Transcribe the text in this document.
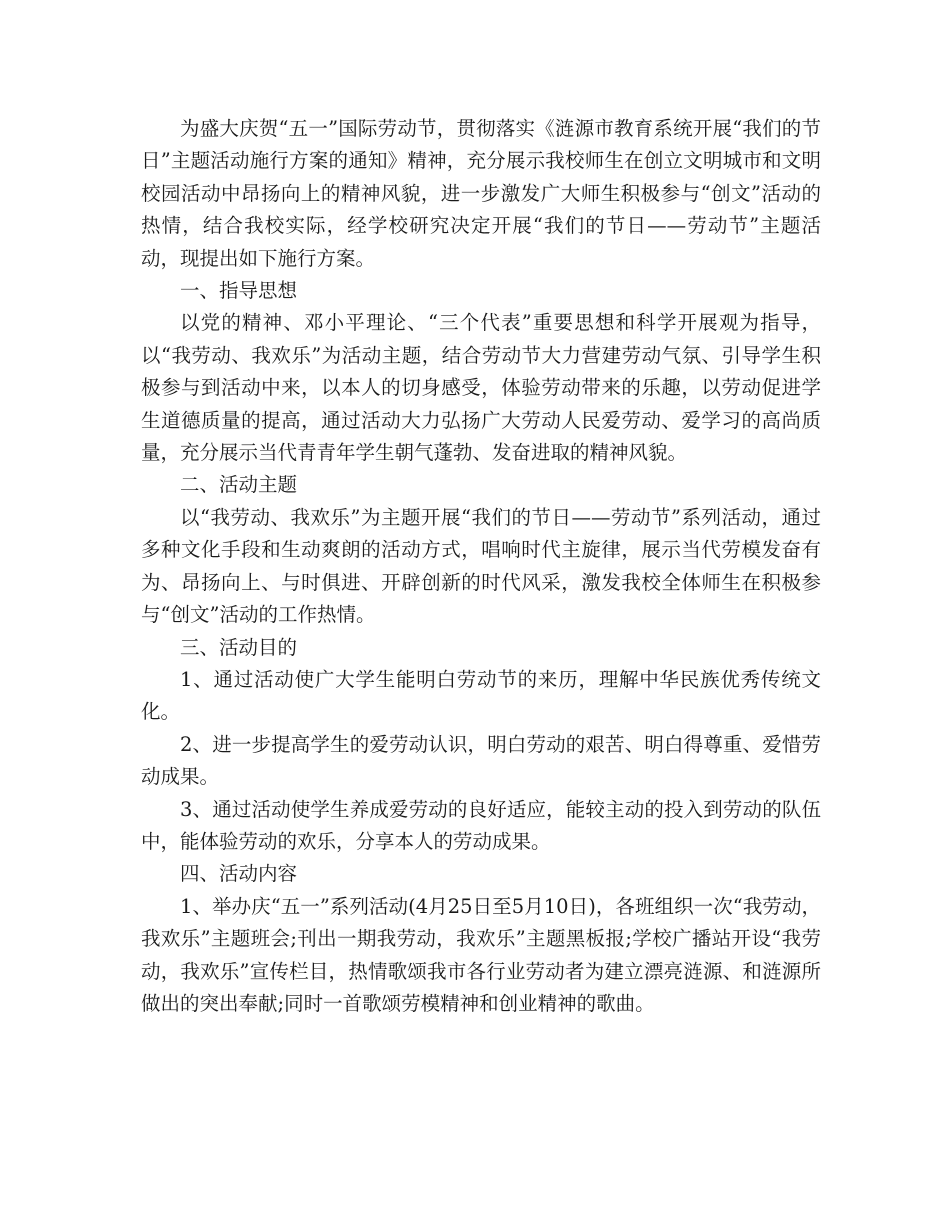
为盛大庆贺“五一”国际劳动节，贯彻落实《涟源市教育系统开展“我们的节日”主题活动施行方案的通知》精神，充分展示我校师生在创立文明城市和文明校园活动中昂扬向上的精神风貌，进一步激发广大师生积极参与“创文”活动的热情，结合我校实际，经学校研究决定开展“我们的节日——劳动节”主题活动，现提出如下施行方案。

一、指导思想

以党的精神、邓小平理论、“三个代表”重要思想和科学开展观为指导，以“我劳动、我欢乐”为活动主题，结合劳动节大力营建劳动气氛、引导学生积极参与到活动中来，以本人的切身感受，体验劳动带来的乐趣，以劳动促进学生道德质量的提高，通过活动大力弘扬广大劳动人民爱劳动、爱学习的高尚质量，充分展示当代青青年学生朝气蓬勃、发奋进取的精神风貌。

二、活动主题

以“我劳动、我欢乐”为主题开展“我们的节日——劳动节”系列活动，通过多种文化手段和生动爽朗的活动方式，唱响时代主旋律，展示当代劳模发奋有为、昂扬向上、与时俱进、开辟创新的时代风采，激发我校全体师生在积极参与“创文”活动的工作热情。

三、活动目的

1、通过活动使广大学生能明白劳动节的来历，理解中华民族优秀传统文化。

2、进一步提高学生的爱劳动认识，明白劳动的艰苦、明白得尊重、爱惜劳动成果。

3、通过活动使学生养成爱劳动的良好适应，能较主动的投入到劳动的队伍中，能体验劳动的欢乐，分享本人的劳动成果。

四、活动内容

1、举办庆“五一”系列活动(4月25日至5月10日)，各班组织一次“我劳动，我欢乐”主题班会;刊出一期我劳动，我欢乐”主题黑板报;学校广播站开设“我劳动，我欢乐”宣传栏目，热情歌颂我市各行业劳动者为建立漂亮涟源、和涟源所做出的突出奉献;同时一首歌颂劳模精神和创业精神的歌曲。
